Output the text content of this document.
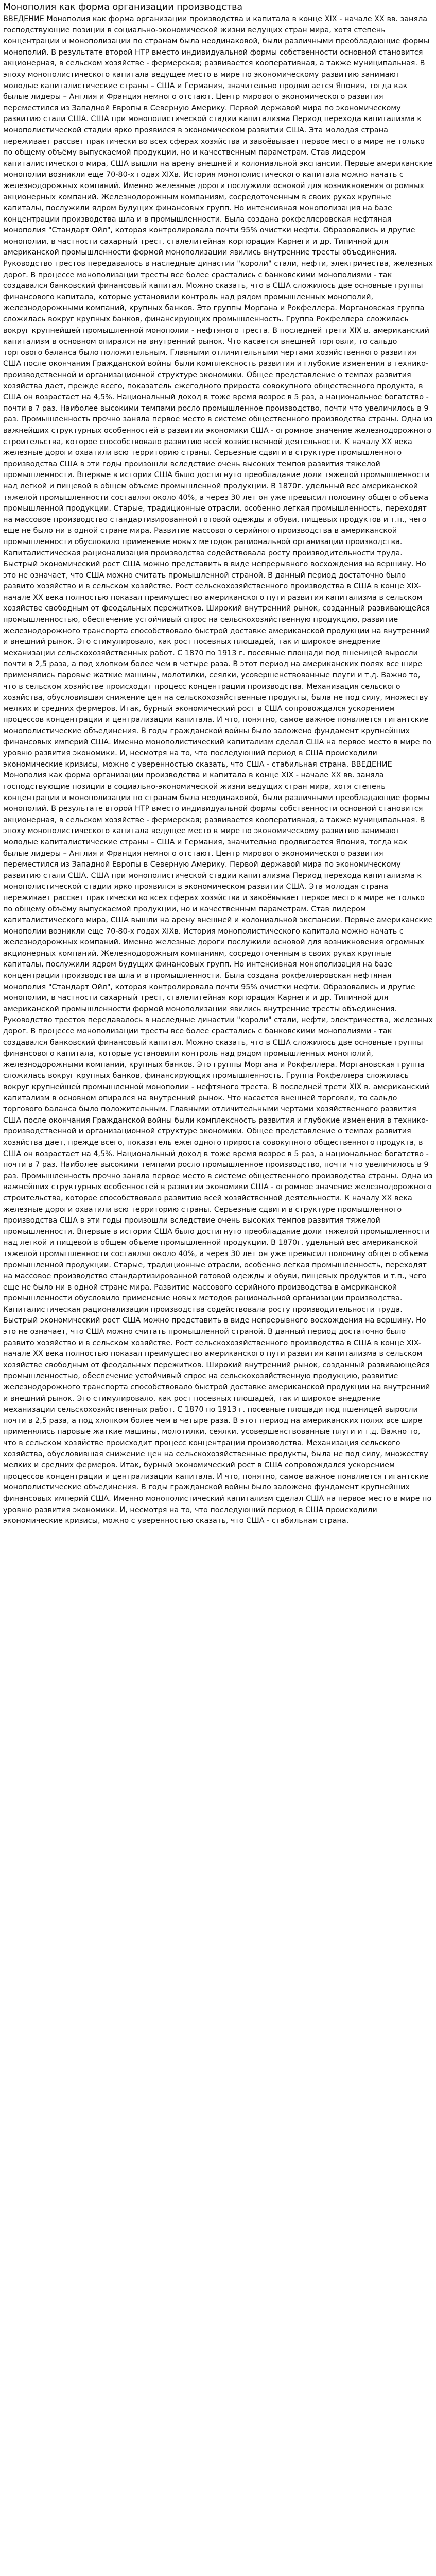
Монополия как форма организации производства

ВВЕДЕНИЕ Монополия как форма организации производства и капитала в конце XIX - начале XX вв. заняла господствующие позиции в социально-экономической жизни ведущих стран мира, хотя степень концентрации и монополизации по странам была неодинаковой, были различными преобладающие формы монополий. В результате второй НТР вместо индивидуальной формы собственности основной становится акционерная, в сельском хозяйстве - фермерская; развивается кооперативная, а также муниципальная. В эпоху монополистического капитала ведущее место в мире по экономическому развитию занимают молодые капиталистические страны – США и Германия, значительно продвигается Япония, тогда как былые лидеры – Англия и Франция немного отстают. Центр мирового экономического развития переместился из Западной Европы в Северную Америку. Первой державой мира по экономическому развитию стали США. США при монополистической стадии капитализма Период перехода капитализма к монополистической стадии ярко проявился в экономическом развитии США. Эта молодая страна переживает рассвет практически во всех сферах хозяйства и завоёвывает первое место в мире не только по общему объёму выпускаемой продукции, но и качественным параметрам. Став лидером капиталистического мира, США вышли на арену внешней и колониальной экспансии. Первые американские монополии возникли еще 70-80-х годах XIXв. История монополистического капитала можно начать с железнодорожных компаний. Именно железные дороги послужили основой для возникновения огромных акционерных компаний. Железнодорожным компаниям, сосредоточенным в своих руках крупные капиталы, послужили ядром будущих финансовых групп. Но интенсивная монополизация на базе концентрации производства шла и в промышленности. Была создана рокфеллеровская нефтяная монополия "Стандарт Ойл", которая контролировала почти 95% очистки нефти. Образовались и другие монополии, в частности сахарный трест, сталелитейная корпорация Карнеги и др. Типичной для американской промышленности формой монополизации явились внутренние тресты объединения. Руководство трестов передавалось в наследные династии "короли" стали, нефти, электричества, железных дорог. В процессе монополизации тресты все более срастались с банковскими монополиями - так создавался банковский финансовый капитал. Можно сказать, что в США сложилось две основные группы финансового капитала, которые установили контроль над рядом промышленных монополий, железнодорожными компаний, крупных банков. Это группы Моргана и Рокфеллера. Моргановская группа сложилась вокруг крупных банков, финансирующих промышленность. Группа Рокфеллера сложилась вокруг крупнейшей промышленной монополии - нефтяного треста. В последней трети XIX в. американский капитализм в основном опирался на внутренний рынок. Что касается внешней торговли, то сальдо торгового баланса было положительным. Главными отличительными чертами хозяйственного развития США после окончания Гражданской войны были комплексность развития и глубокие изменения в технико-производственной и организационной структуре экономики. Общее представление о темпах развития хозяйства дает, прежде всего, показатель ежегодного прироста совокупного общественного продукта, в США он возрастает на 4,5%. Национальный доход в тоже время возрос в 5 раз, а национальное богатство - почти в 7 раз. Наиболее высокими темпами росло промышленное производство, почти что увеличилось в 9 раз. Промышленность прочно заняла первое место в системе общественного производства страны. Одна из важнейших структурных особенностей в развитии экономики США - огромное значение железнодорожного строительства, которое способствовало развитию всей хозяйственной деятельности. К началу XX века железные дороги охватили всю территорию страны. Серьезные сдвиги в структуре промышленного производства США в эти годы произошли вследствие очень высоких темпов развития тяжелой промышленности. Впервые в истории США было достигнуто преобладание доли тяжелой промышленности над легкой и пищевой в общем объеме промышленной продукции. В 1870г. удельный вес американской тяжелой промышленности составлял около 40%, а через 30 лет он уже превысил половину общего объема промышленной продукции. Старые, традиционные отрасли, особенно легкая промышленность, переходят на массовое производство стандартизированной готовой одежды и обуви, пищевых продуктов и т.п., чего еще не было ни в одной стране мира. Развитие массового серийного производства в американской промышленности обусловило применение новых методов рациональной организации производства. Капиталистическая рационализация производства содействовала росту производительности труда. Быстрый экономический рост США можно представить в виде непрерывного восхождения на вершину. Но это не означает, что США можно считать промышленной страной. В данный период достаточно было развито хозяйство и в сельском хозяйстве. Рост сельскохозяйственного производства в США в конце XIX-начале XX века полностью показал преимущество американского пути развития капитализма в сельском хозяйстве свободным от феодальных пережитков. Широкий внутренний рынок, созданный развивающейся промышленностью, обеспечение устойчивый спрос на сельскохозяйственную продукцию, развитие железнодорожного транспорта способствовало быстрой доставке американской продукции на внутренний и внешний рынок. Это стимулировало, как рост посевных площадей, так и широкое внедрение механизации сельскохозяйственных работ. С 1870 по 1913 г. посевные площади под пшеницей выросли почти в 2,5 раза, а под хлопком более чем в четыре раза. В этот период на американских полях все шире применялись паровые жаткие машины, молотилки, сеялки, усовершенствованные плуги и т.д. Важно то, что в сельском хозяйстве происходит процесс концентрации производства. Механизация сельского хозяйства, обусловившая снижение цен на сельскохозяйственные продукты, была не под силу, множеству мелких и средних фермеров. Итак, бурный экономический рост в США сопровождался ускорением процессов концентрации и централизации капитала. И что, понятно, самое важное появляется гигантские монополистические объединения. В годы гражданской войны было заложено фундамент крупнейших финансовых империй США. Именно монополистический капитализм сделал США на первое место в мире по уровню развития экономики. И, несмотря на то, что последующий период в США происходили экономические кризисы, можно с уверенностью сказать, что США - стабильная страна. ВВЕДЕНИЕ Монополия как форма организации производства и капитала в конце XIX - начале XX вв. заняла господствующие позиции в социально-экономической жизни ведущих стран мира, хотя степень концентрации и монополизации по странам была неодинаковой, были различными преобладающие формы монополий. В результате второй НТР вместо индивидуальной формы собственности основной становится акционерная, в сельском хозяйстве - фермерская; развивается кооперативная, а также муниципальная. В эпоху монополистического капитала ведущее место в мире по экономическому развитию занимают молодые капиталистические страны – США и Германия, значительно продвигается Япония, тогда как былые лидеры – Англия и Франция немного отстают. Центр мирового экономического развития переместился из Западной Европы в Северную Америку. Первой державой мира по экономическому развитию стали США. США при монополистической стадии капитализма Период перехода капитализма к монополистической стадии ярко проявился в экономическом развитии США. Эта молодая страна переживает рассвет практически во всех сферах хозяйства и завоёвывает первое место в мире не только по общему объёму выпускаемой продукции, но и качественным параметрам. Став лидером капиталистического мира, США вышли на арену внешней и колониальной экспансии. Первые американские монополии возникли еще 70-80-х годах XIXв. История монополистического капитала можно начать с железнодорожных компаний. Именно железные дороги послужили основой для возникновения огромных акционерных компаний. Железнодорожным компаниям, сосредоточенным в своих руках крупные капиталы, послужили ядром будущих финансовых групп. Но интенсивная монополизация на базе концентрации производства шла и в промышленности. Была создана рокфеллеровская нефтяная монополия "Стандарт Ойл", которая контролировала почти 95% очистки нефти. Образовались и другие монополии, в частности сахарный трест, сталелитейная корпорация Карнеги и др. Типичной для американской промышленности формой монополизации явились внутренние тресты объединения. Руководство трестов передавалось в наследные династии "короли" стали, нефти, электричества, железных дорог. В процессе монополизации тресты все более срастались с банковскими монополиями - так создавался банковский финансовый капитал. Можно сказать, что в США сложилось две основные группы финансового капитала, которые установили контроль над рядом промышленных монополий, железнодорожными компаний, крупных банков. Это группы Моргана и Рокфеллера. Моргановская группа сложилась вокруг крупных банков, финансирующих промышленность. Группа Рокфеллера сложилась вокруг крупнейшей промышленной монополии - нефтяного треста. В последней трети XIX в. американский капитализм в основном опирался на внутренний рынок. Что касается внешней торговли, то сальдо торгового баланса было положительным. Главными отличительными чертами хозяйственного развития США после окончания Гражданской войны были комплексность развития и глубокие изменения в технико-производственной и организационной структуре экономики. Общее представление о темпах развития хозяйства дает, прежде всего, показатель ежегодного прироста совокупного общественного продукта, в США он возрастает на 4,5%. Национальный доход в тоже время возрос в 5 раз, а национальное богатство - почти в 7 раз. Наиболее высокими темпами росло промышленное производство, почти что увеличилось в 9 раз. Промышленность прочно заняла первое место в системе общественного производства страны. Одна из важнейших структурных особенностей в развитии экономики США - огромное значение железнодорожного строительства, которое способствовало развитию всей хозяйственной деятельности. К началу XX века железные дороги охватили всю территорию страны. Серьезные сдвиги в структуре промышленного производства США в эти годы произошли вследствие очень высоких темпов развития тяжелой промышленности. Впервые в истории США было достигнуто преобладание доли тяжелой промышленности над легкой и пищевой в общем объеме промышленной продукции. В 1870г. удельный вес американской тяжелой промышленности составлял около 40%, а через 30 лет он уже превысил половину общего объема промышленной продукции. Старые, традиционные отрасли, особенно легкая промышленность, переходят на массовое производство стандартизированной готовой одежды и обуви, пищевых продуктов и т.п., чего еще не было ни в одной стране мира. Развитие массового серийного производства в американской промышленности обусловило применение новых методов рациональной организации производства. Капиталистическая рационализация производства содействовала росту производительности труда. Быстрый экономический рост США можно представить в виде непрерывного восхождения на вершину. Но это не означает, что США можно считать промышленной страной. В данный период достаточно было развито хозяйство и в сельском хозяйстве. Рост сельскохозяйственного производства в США в конце XIX-начале XX века полностью показал преимущество американского пути развития капитализма в сельском хозяйстве свободным от феодальных пережитков. Широкий внутренний рынок, созданный развивающейся промышленностью, обеспечение устойчивый спрос на сельскохозяйственную продукцию, развитие железнодорожного транспорта способствовало быстрой доставке американской продукции на внутренний и внешний рынок. Это стимулировало, как рост посевных площадей, так и широкое внедрение механизации сельскохозяйственных работ. С 1870 по 1913 г. посевные площади под пшеницей выросли почти в 2,5 раза, а под хлопком более чем в четыре раза. В этот период на американских полях все шире применялись паровые жаткие машины, молотилки, сеялки, усовершенствованные плуги и т.д. Важно то, что в сельском хозяйстве происходит процесс концентрации производства. Механизация сельского хозяйства, обусловившая снижение цен на сельскохозяйственные продукты, была не под силу, множеству мелких и средних фермеров. Итак, бурный экономический рост в США сопровождался ускорением процессов концентрации и централизации капитала. И что, понятно, самое важное появляется гигантские монополистические объединения. В годы гражданской войны было заложено фундамент крупнейших финансовых империй США. Именно монополистический капитализм сделал США на первое место в мире по уровню развития экономики. И, несмотря на то, что последующий период в США происходили экономические кризисы, можно с уверенностью сказать, что США - стабильная страна.
